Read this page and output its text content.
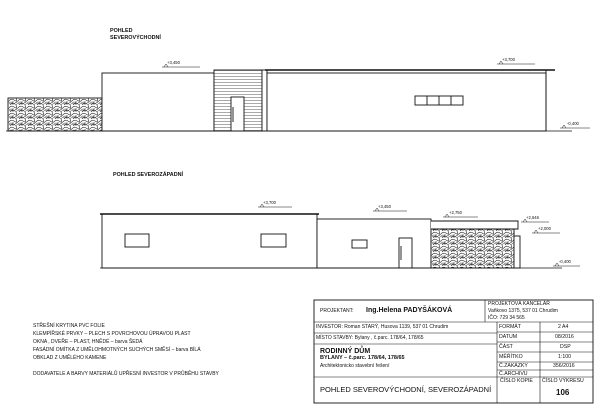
POHLED
SEVEROVÝCHODNÍ
POHLED SEVEROZÁPADNÍ
+3,450
+3,700
-0,400
+3,700
+3,450
+2,750
+2,646
+2,000
-0,400
STŘEŠNÍ KRYTINA PVC FOLIE
KLEMPÍŘSKÉ PRVKY – PLECH S POVRCHOVOU ÚPRAVOU PLAST
OKNA , DVEŘE – PLAST, HNĚDÉ – barva ŠEDÁ
FASÁDNÍ OMÍTKA Z UMĚLOHMOTNÝCH SUCHÝCH SMĚSÍ – barva BÍLÁ
OBKLAD Z UMĚLÉHO KAMENE
DODAVATELE A BARVY MATERIÁLŮ UPŘESNÍ INVESTOR V PRŮBĚHU STAVBY
PROJEKTANT: Ing.Helena PADYŠÁKOVÁ
PROJEKTOVÁ KANCELÁŘ
Vaňkovo 1375, 537 01 Chrudim
IČO: 729 34 565
INVESTOR: Roman STARÝ, Husova 1139, 537 01 Chrudim
MÍSTO STAVBY: Bylany , č.parc. 178/64, 178/65
RODINNÝ DŮM
BYLANY – č.parc. 178/64, 178/65
Architektonicko stavební řešení
POHLED SEVEROVÝCHODNÍ, SEVEROZÁPADNÍ
FORMÁT	2 A4
DATUM	08/2016
ČÁST	DSP
MĚŘÍTKO	1:100
Č.ZAKÁZKY	356/2016
Č.ARCHIVU
ČÍSLO KOPIE ČÍSLO VÝKRESU
106
